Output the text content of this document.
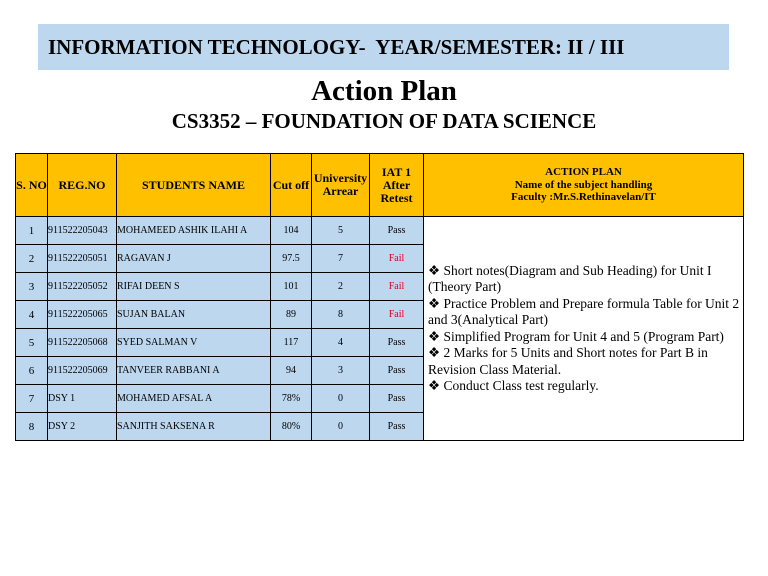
INFORMATION TECHNOLOGY-  YEAR/SEMESTER: II / III
Action Plan
CS3352 – FOUNDATION OF DATA SCIENCE
S. NO	REG.NO	STUDENTS NAME	Cut off	University Arrear	IAT 1 After Retest	ACTION PLAN
Name of the subject handling
Faculty :Mr.S.Rethinavelan/IT

1	911522205043	MOHAMEED ASHIK ILAHI A	104	5	Pass	❖ Short notes(Diagram and Sub Heading) for Unit I (Theory Part)
❖ Practice Problem and Prepare formula Table for Unit 2 and 3(Analytical Part)
❖ Simplified Program for Unit 4 and 5 (Program Part)
❖ 2 Marks for 5 Units and Short notes for Part B in Revision Class Material.
❖ Conduct Class test regularly.

2	911522205051	RAGAVAN J	97.5	7	Fail	
3	911522205052	RIFAI DEEN S	101	2	Fail	
4	911522205065	SUJAN BALAN	89	8	Fail	
5	911522205068	SYED SALMAN V	117	4	Pass	
6	911522205069	TANVEER RABBANI A	94	3	Pass	
7	DSY 1	MOHAMED AFSAL A	78%	0	Pass	
8	DSY 2	SANJITH SAKSENA R	80%	0	Pass	
